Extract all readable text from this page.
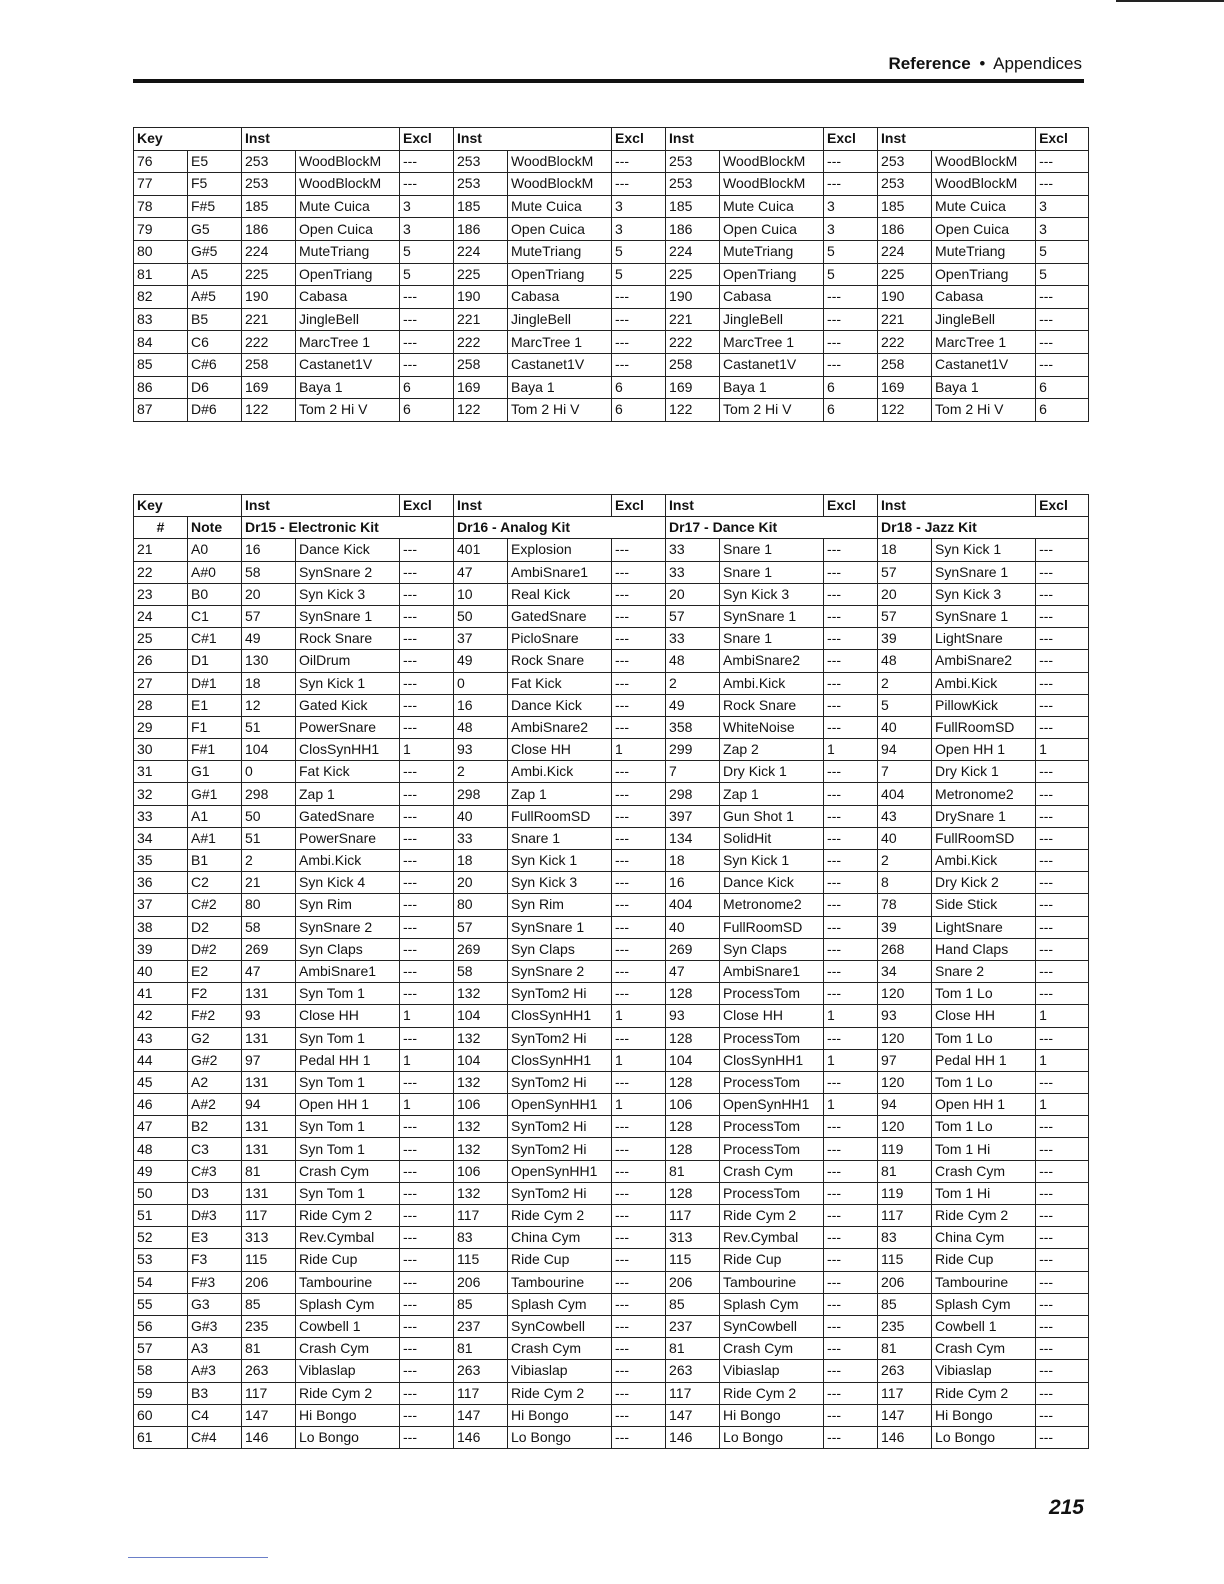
Reference • Appendices
Key		Inst		Excl	Inst		Excl	Inst		Excl	Inst		Excl
76	E5	253	WoodBlockM	---	253	WoodBlockM	---	253	WoodBlockM	---	253	WoodBlockM	---
77	F5	253	WoodBlockM	---	253	WoodBlockM	---	253	WoodBlockM	---	253	WoodBlockM	---
78	F#5	185	Mute Cuica	3	185	Mute Cuica	3	185	Mute Cuica	3	185	Mute Cuica	3
79	G5	186	Open Cuica	3	186	Open Cuica	3	186	Open Cuica	3	186	Open Cuica	3
80	G#5	224	MuteTriang	5	224	MuteTriang	5	224	MuteTriang	5	224	MuteTriang	5
81	A5	225	OpenTriang	5	225	OpenTriang	5	225	OpenTriang	5	225	OpenTriang	5
82	A#5	190	Cabasa	---	190	Cabasa	---	190	Cabasa	---	190	Cabasa	---
83	B5	221	JingleBell	---	221	JingleBell	---	221	JingleBell	---	221	JingleBell	---
84	C6	222	MarcTree 1	---	222	MarcTree 1	---	222	MarcTree 1	---	222	MarcTree 1	---
85	C#6	258	Castanet1V	---	258	Castanet1V	---	258	Castanet1V	---	258	Castanet1V	---
86	D6	169	Baya 1	6	169	Baya 1	6	169	Baya 1	6	169	Baya 1	6
87	D#6	122	Tom 2 Hi V	6	122	Tom 2 Hi V	6	122	Tom 2 Hi V	6	122	Tom 2 Hi V	6
Key		Inst		Excl	Inst		Excl	Inst		Excl	Inst		Excl
#	Note	Dr15 - Electronic Kit			Dr16 - Analog Kit			Dr17 - Dance Kit			Dr18 - Jazz Kit		
21	A0	16	Dance Kick	---	401	Explosion	---	33	Snare 1	---	18	Syn Kick 1	---
22	A#0	58	SynSnare 2	---	47	AmbiSnare1	---	33	Snare 1	---	57	SynSnare 1	---
23	B0	20	Syn Kick 3	---	10	Real Kick	---	20	Syn Kick 3	---	20	Syn Kick 3	---
24	C1	57	SynSnare 1	---	50	GatedSnare	---	57	SynSnare 1	---	57	SynSnare 1	---
25	C#1	49	Rock Snare	---	37	PicloSnare	---	33	Snare 1	---	39	LightSnare	---
26	D1	130	OilDrum	---	49	Rock Snare	---	48	AmbiSnare2	---	48	AmbiSnare2	---
27	D#1	18	Syn Kick 1	---	0	Fat Kick	---	2	Ambi.Kick	---	2	Ambi.Kick	---
28	E1	12	Gated Kick	---	16	Dance Kick	---	49	Rock Snare	---	5	PillowKick	---
29	F1	51	PowerSnare	---	48	AmbiSnare2	---	358	WhiteNoise	---	40	FullRoomSD	---
30	F#1	104	ClosSynHH1	1	93	Close HH	1	299	Zap 2	1	94	Open HH 1	1
31	G1	0	Fat Kick	---	2	Ambi.Kick	---	7	Dry Kick 1	---	7	Dry Kick 1	---
32	G#1	298	Zap 1	---	298	Zap 1	---	298	Zap 1	---	404	Metronome2	---
33	A1	50	GatedSnare	---	40	FullRoomSD	---	397	Gun Shot 1	---	43	DrySnare 1	---
34	A#1	51	PowerSnare	---	33	Snare 1	---	134	SolidHit	---	40	FullRoomSD	---
35	B1	2	Ambi.Kick	---	18	Syn Kick 1	---	18	Syn Kick 1	---	2	Ambi.Kick	---
36	C2	21	Syn Kick 4	---	20	Syn Kick 3	---	16	Dance Kick	---	8	Dry Kick 2	---
37	C#2	80	Syn Rim	---	80	Syn Rim	---	404	Metronome2	---	78	Side Stick	---
38	D2	58	SynSnare 2	---	57	SynSnare 1	---	40	FullRoomSD	---	39	LightSnare	---
39	D#2	269	Syn Claps	---	269	Syn Claps	---	269	Syn Claps	---	268	Hand Claps	---
40	E2	47	AmbiSnare1	---	58	SynSnare 2	---	47	AmbiSnare1	---	34	Snare 2	---
41	F2	131	Syn Tom 1	---	132	SynTom2 Hi	---	128	ProcessTom	---	120	Tom 1 Lo	---
42	F#2	93	Close HH	1	104	ClosSynHH1	1	93	Close HH	1	93	Close HH	1
43	G2	131	Syn Tom 1	---	132	SynTom2 Hi	---	128	ProcessTom	---	120	Tom 1 Lo	---
44	G#2	97	Pedal HH 1	1	104	ClosSynHH1	1	104	ClosSynHH1	1	97	Pedal HH 1	1
45	A2	131	Syn Tom 1	---	132	SynTom2 Hi	---	128	ProcessTom	---	120	Tom 1 Lo	---
46	A#2	94	Open HH 1	1	106	OpenSynHH1	1	106	OpenSynHH1	1	94	Open HH 1	1
47	B2	131	Syn Tom 1	---	132	SynTom2 Hi	---	128	ProcessTom	---	120	Tom 1 Lo	---
48	C3	131	Syn Tom 1	---	132	SynTom2 Hi	---	128	ProcessTom	---	119	Tom 1 Hi	---
49	C#3	81	Crash Cym	---	106	OpenSynHH1	---	81	Crash Cym	---	81	Crash Cym	---
50	D3	131	Syn Tom 1	---	132	SynTom2 Hi	---	128	ProcessTom	---	119	Tom 1 Hi	---
51	D#3	117	Ride Cym 2	---	117	Ride Cym 2	---	117	Ride Cym 2	---	117	Ride Cym 2	---
52	E3	313	Rev.Cymbal	---	83	China Cym	---	313	Rev.Cymbal	---	83	China Cym	---
53	F3	115	Ride Cup	---	115	Ride Cup	---	115	Ride Cup	---	115	Ride Cup	---
54	F#3	206	Tambourine	---	206	Tambourine	---	206	Tambourine	---	206	Tambourine	---
55	G3	85	Splash Cym	---	85	Splash Cym	---	85	Splash Cym	---	85	Splash Cym	---
56	G#3	235	Cowbell 1	---	237	SynCowbell	---	237	SynCowbell	---	235	Cowbell 1	---
57	A3	81	Crash Cym	---	81	Crash Cym	---	81	Crash Cym	---	81	Crash Cym	---
58	A#3	263	Viblaslap	---	263	Vibiaslap	---	263	Vibiaslap	---	263	Vibiaslap	---
59	B3	117	Ride Cym 2	---	117	Ride Cym 2	---	117	Ride Cym 2	---	117	Ride Cym 2	---
60	C4	147	Hi Bongo	---	147	Hi Bongo	---	147	Hi Bongo	---	147	Hi Bongo	---
61	C#4	146	Lo Bongo	---	146	Lo Bongo	---	146	Lo Bongo	---	146	Lo Bongo	---
215
